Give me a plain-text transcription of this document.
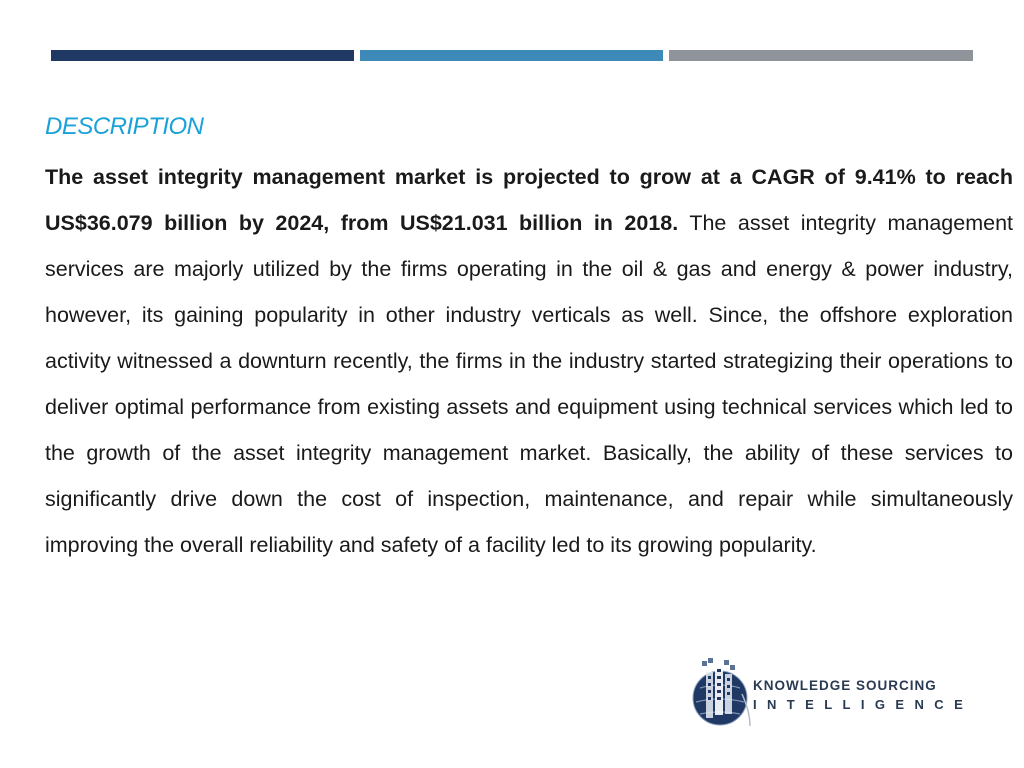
DESCRIPTION

The asset integrity management market is projected to grow at a CAGR of 9.41% to reach US$36.079 billion by 2024, from US$21.031 billion in 2018. The asset integrity management services are majorly utilized by the firms operating in the oil & gas and energy & power industry, however, its gaining popularity in other industry verticals as well. Since, the offshore exploration activity witnessed a downturn recently, the firms in the industry started strategizing their operations to deliver optimal performance from existing assets and equipment using technical services which led to the growth of the asset integrity management market. Basically, the ability of these services to significantly drive down the cost of inspection, maintenance, and repair while simultaneously improving the overall reliability and safety of a facility led to its growing popularity.

KNOWLEDGE SOURCING
INTELLIGENCE
